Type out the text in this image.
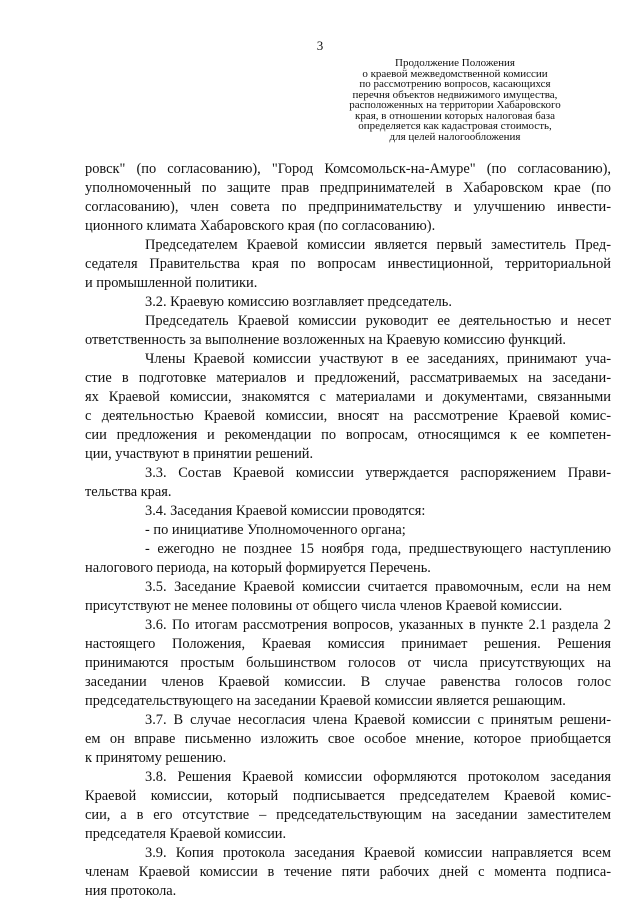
3
Продолжение Положения
о краевой межведомственной комиссии
по рассмотрению вопросов, касающихся
перечня объектов недвижимого имущества,
расположенных на территории Хабаровского
края, в отношении которых налоговая база
определяется как кадастровая стоимость,
для целей налогообложения
ровск" (по согласованию), "Город Комсомольск-на-Амуре" (по согласованию),
уполномоченный по защите прав предпринимателей в Хабаровском крае (по
согласованию), член совета по предпринимательству и улучшению инвести-
ционного климата Хабаровского края (по согласованию).
Председателем Краевой комиссии является первый заместитель Пред-
седателя Правительства края по вопросам инвестиционной, территориальной
и промышленной политики.
3.2. Краевую комиссию возглавляет председатель.
Председатель Краевой комиссии руководит ее деятельностью и несет
ответственность за выполнение возложенных на Краевую комиссию функций.
Члены Краевой комиссии участвуют в ее заседаниях, принимают уча-
стие в подготовке материалов и предложений, рассматриваемых на заседани-
ях Краевой комиссии, знакомятся с материалами и документами, связанными
с деятельностью Краевой комиссии, вносят на рассмотрение Краевой комис-
сии предложения и рекомендации по вопросам, относящимся к ее компетен-
ции, участвуют в принятии решений.
3.3. Состав Краевой комиссии утверждается распоряжением Прави-
тельства края.
3.4. Заседания Краевой комиссии проводятся:
- по инициативе Уполномоченного органа;
- ежегодно не позднее 15 ноября года, предшествующего наступлению
налогового периода, на который формируется Перечень.
3.5. Заседание Краевой комиссии считается правомочным, если на нем
присутствуют не менее половины от общего числа членов Краевой комиссии.
3.6. По итогам рассмотрения вопросов, указанных в пункте 2.1 раздела 2
настоящего Положения, Краевая комиссия принимает решения. Решения
принимаются простым большинством голосов от числа присутствующих на
заседании членов Краевой комиссии. В случае равенства голосов голос
председательствующего на заседании Краевой комиссии является решающим.
3.7. В случае несогласия члена Краевой комиссии с принятым решени-
ем он вправе письменно изложить свое особое мнение, которое приобщается
к принятому решению.
3.8. Решения Краевой комиссии оформляются протоколом заседания
Краевой комиссии, который подписывается председателем Краевой комис-
сии, а в его отсутствие – председательствующим на заседании заместителем
председателя Краевой комиссии.
3.9. Копия протокола заседания Краевой комиссии направляется всем
членам Краевой комиссии в течение пяти рабочих дней с момента подписа-
ния протокола.
